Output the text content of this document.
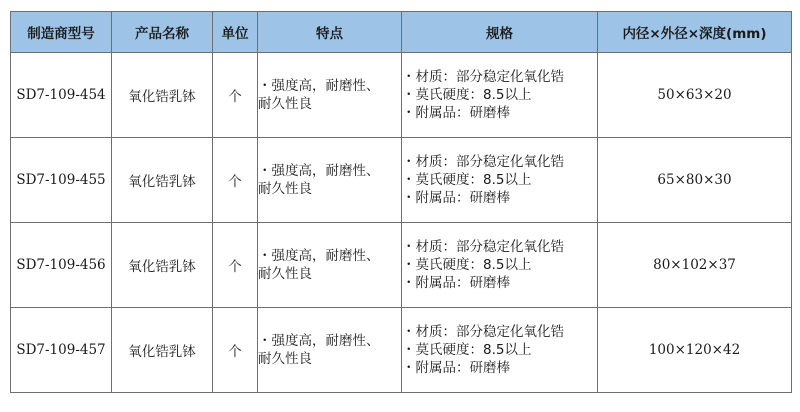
制造商型号	产品名称	单位	特点	规格	内径×外径×深度(mm)
SD7-109-454	氧化锆乳钵	个	・强度高，耐磨性、
耐久性良	・材质：部分稳定化氧化锆
・莫氏硬度：8.5以上
・附属品：研磨棒	50×63×20
SD7-109-455	氧化锆乳钵	个	・强度高，耐磨性、
耐久性良	・材质：部分稳定化氧化锆
・莫氏硬度：8.5以上
・附属品：研磨棒	65×80×30
SD7-109-456	氧化锆乳钵	个	・强度高，耐磨性、
耐久性良	・材质：部分稳定化氧化锆
・莫氏硬度：8.5以上
・附属品：研磨棒	80×102×37
SD7-109-457	氧化锆乳钵	个	・强度高，耐磨性、
耐久性良	・材质：部分稳定化氧化锆
・莫氏硬度：8.5以上
・附属品：研磨棒	100×120×42
